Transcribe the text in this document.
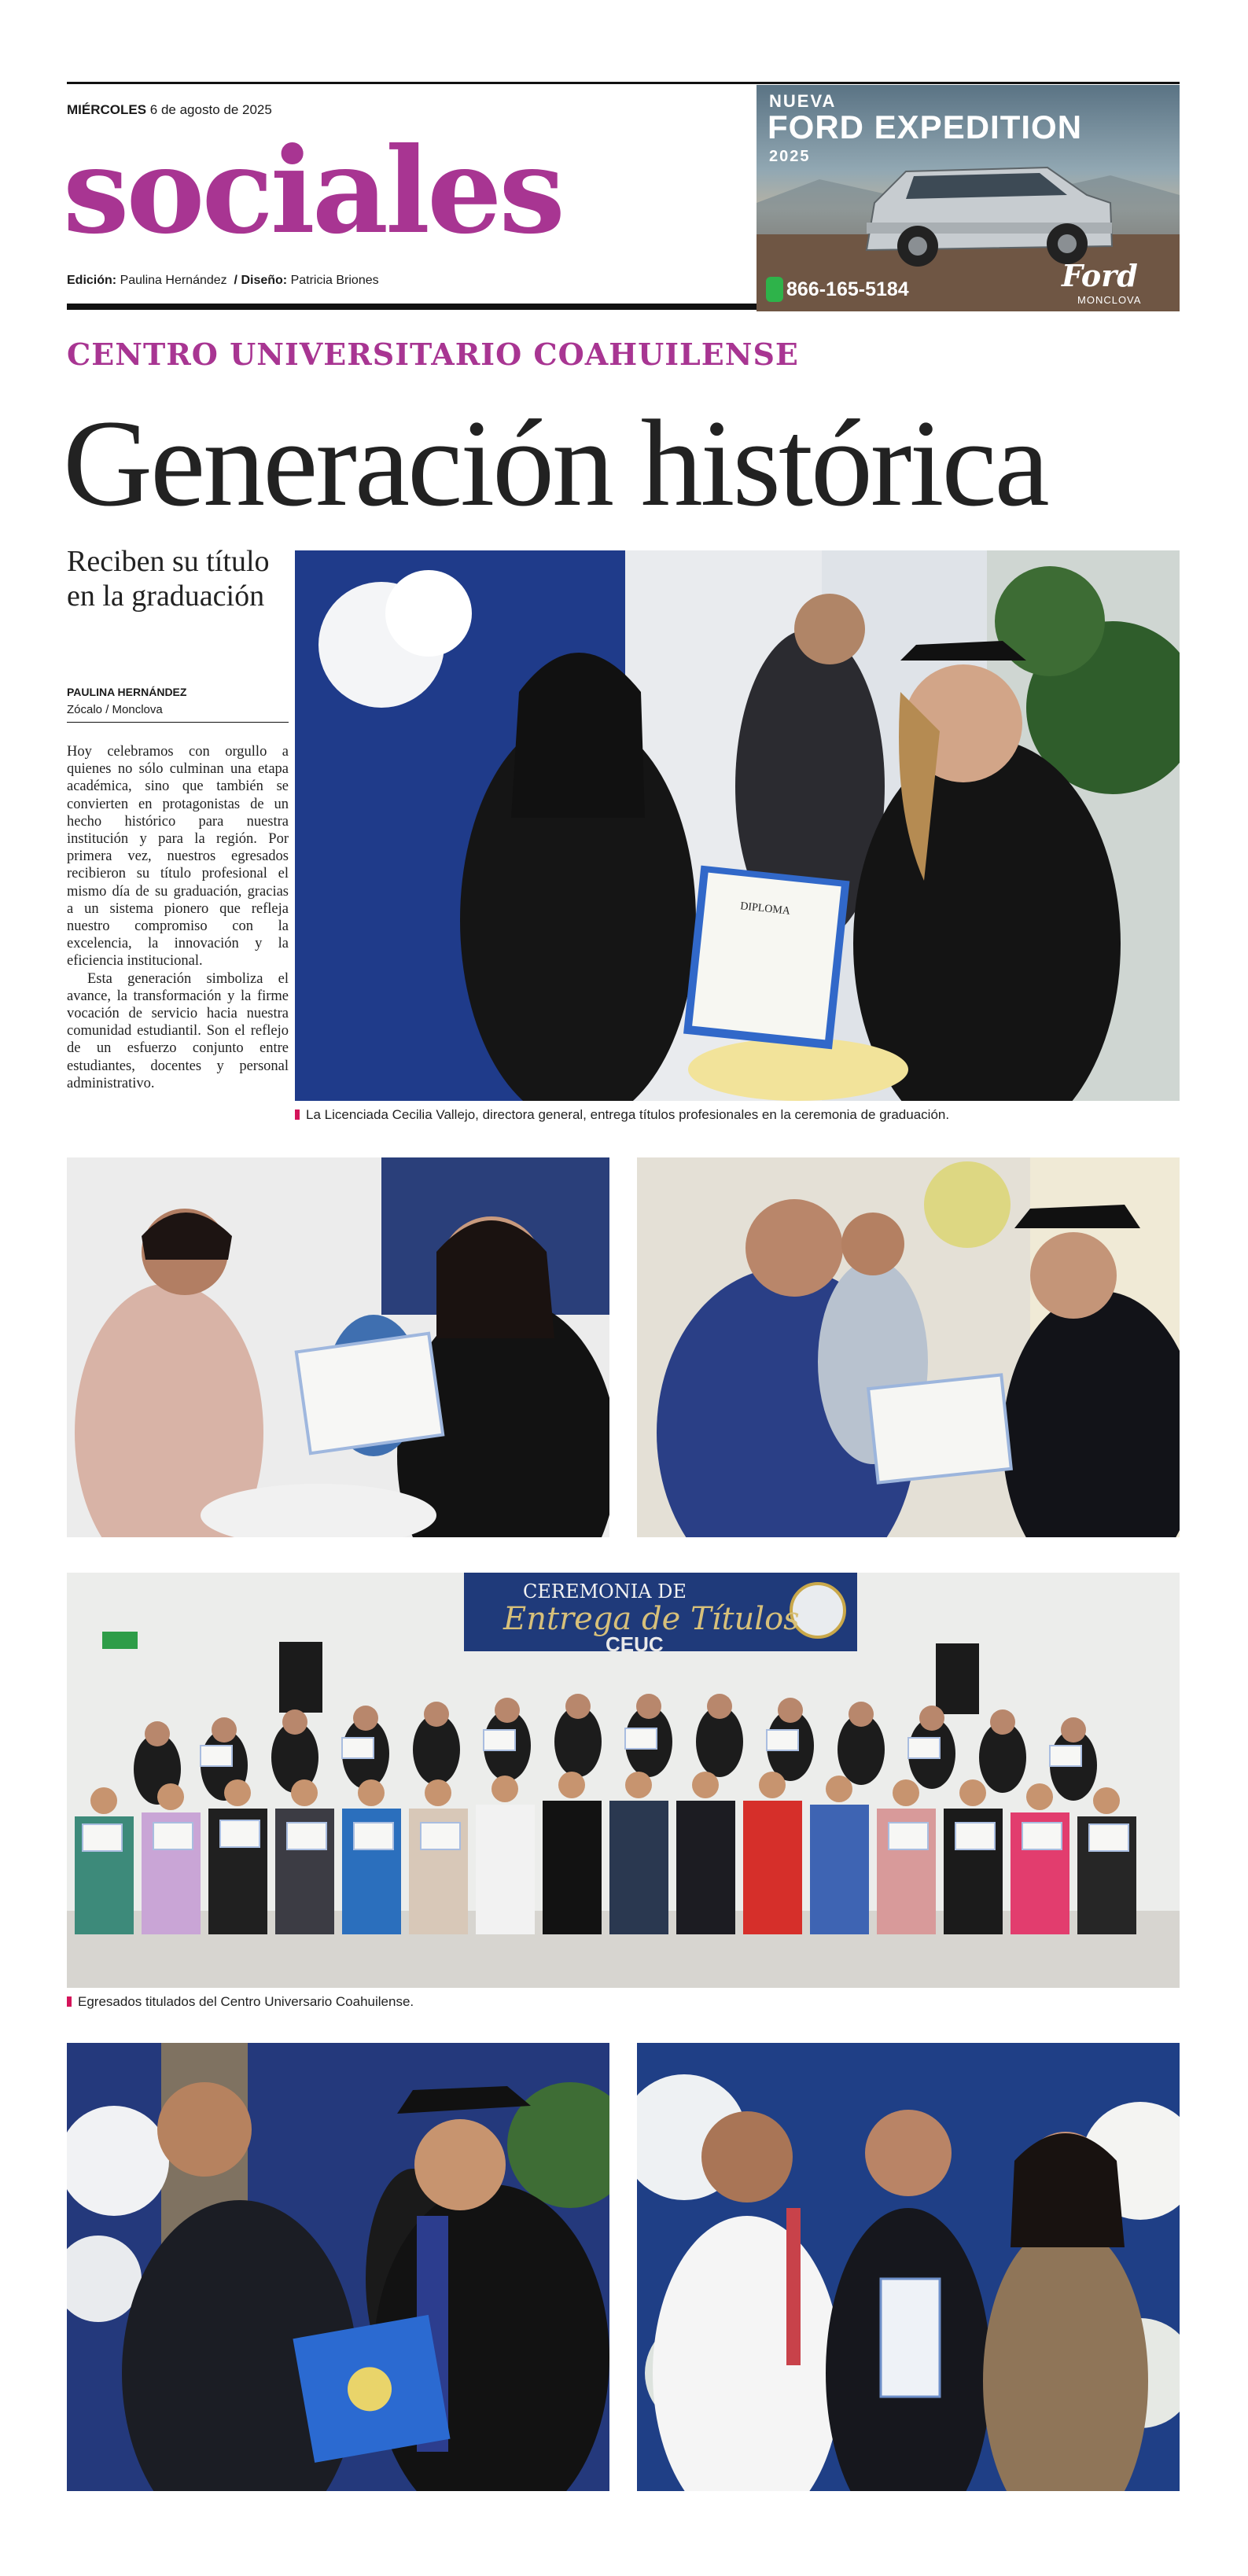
MIÉRCOLES 6 de agosto de 2025
sociales
Edición: Paulina Hernández / Diseño: Patricia Briones
NUEVA
FORD EXPEDITION
2025
866-165-5184	Ford
MONCLOVA
CENTRO UNIVERSITARIO COAHUILENSE
Generación histórica
Reciben su título en la graduación
PAULINA HERNÁNDEZ
Zócalo / Monclova

Hoy celebramos con orgullo a quienes no sólo culminan una etapa académica, sino que también se convierten en protagonistas de un hecho histórico para nuestra institución y para la región. Por primera vez, nuestros egresados recibieron su título profesional el mismo día de su graduación, gracias a un sistema pionero que refleja nuestro compromiso con la excelencia, la innovación y la eficiencia institucional.

Esta generación simboliza el avance, la transformación y la firme vocación de servicio hacia nuestra comunidad estudiantil. Son el reflejo de un esfuerzo conjunto entre estudiantes, docentes y personal administrativo.

DIPLOMA
La Licenciada Cecilia Vallejo, directora general, entrega títulos profesionales en la ceremonia de graduación.
CEREMONIA DE
Entrega de Títulos
CEUC
Egresados titulados del Centro Universario Coahuilense.
